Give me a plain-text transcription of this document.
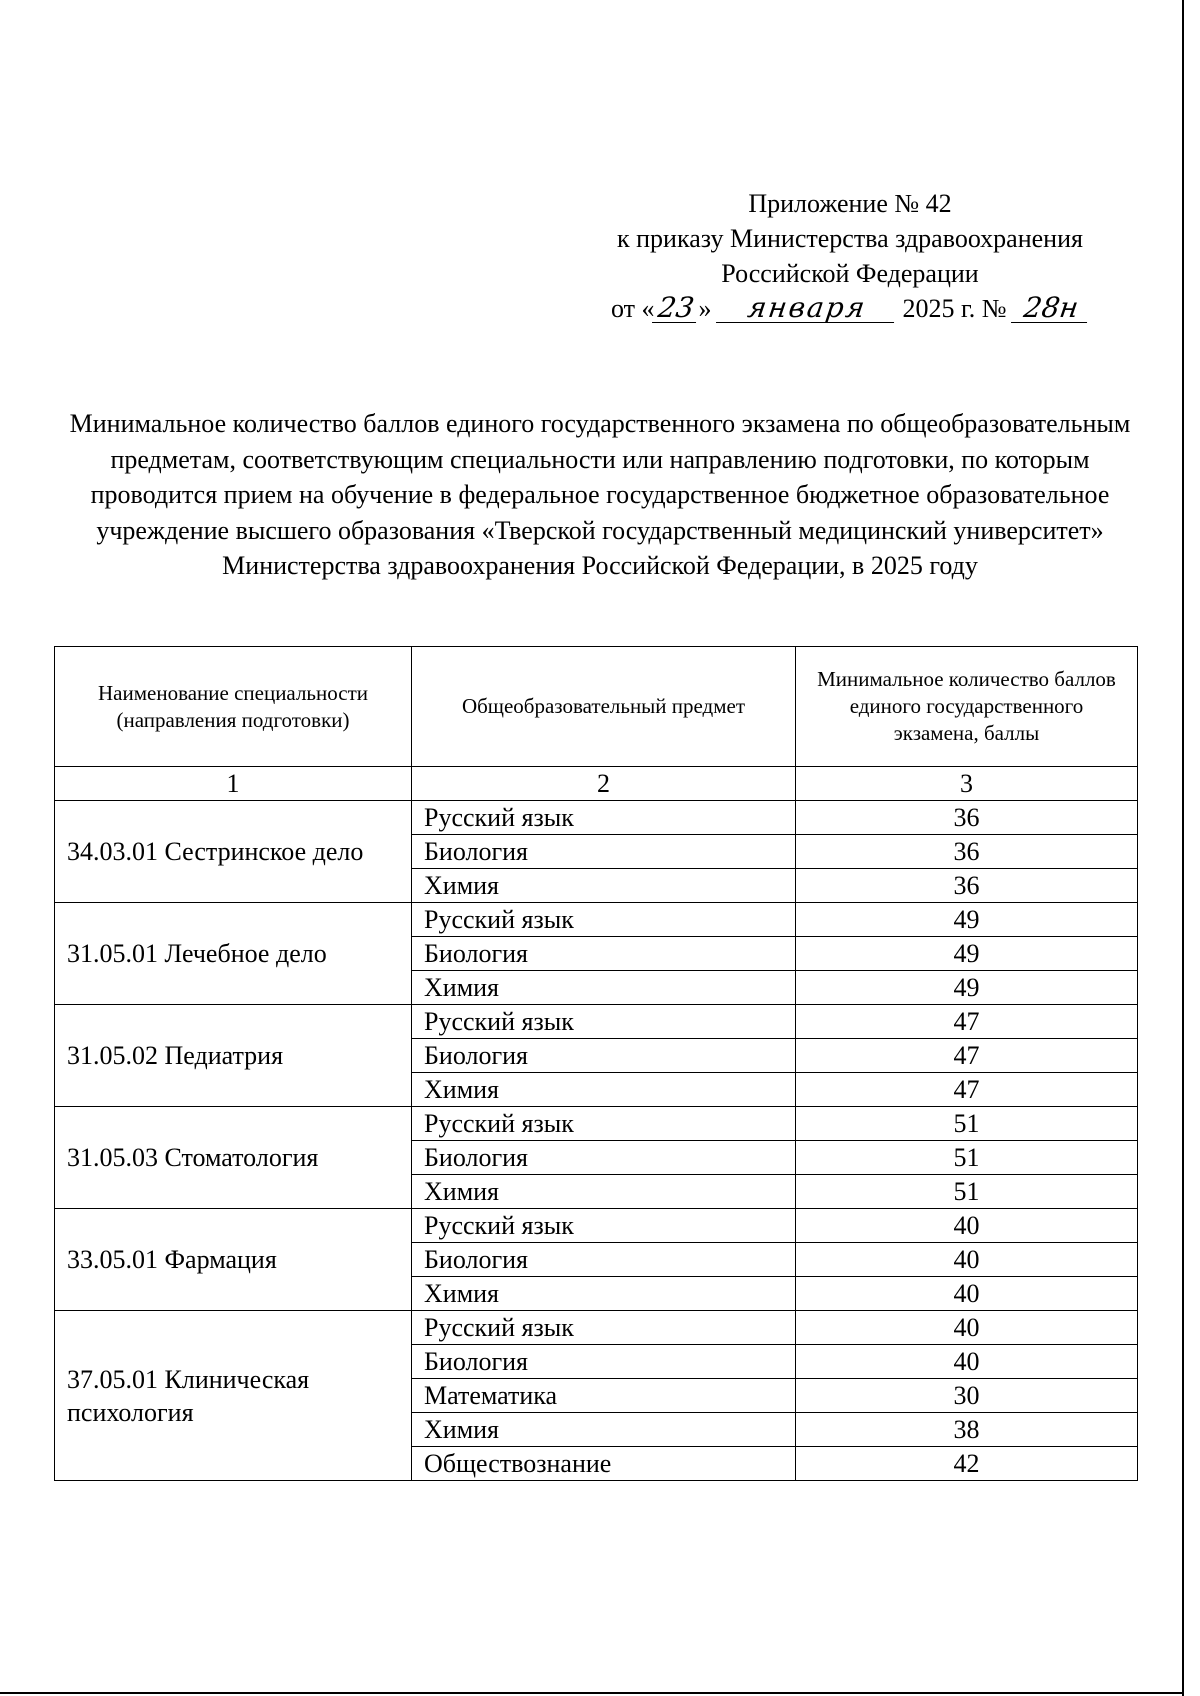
Приложение № 42
к приказу Министерства здравоохранения
Российской Федерации
от «23» января 2025 г. № 28н
Минимальное количество баллов единого государственного экзамена по общеобразовательным предметам, соответствующим специальности или направлению подготовки, по которым проводится прием на обучение в федеральное государственное бюджетное образовательное учреждение высшего образования «Тверской государственный медицинский университет» Министерства здравоохранения Российской Федерации, в 2025 году
Наименование специальности (направления подготовки)	Общеобразовательный предмет	Минимальное количество баллов единого государственного экзамена, баллы
1	2	3
34.03.01 Сестринское дело	Русский язык	36
	Биология	36
	Химия	36
31.05.01 Лечебное дело	Русский язык	49
	Биология	49
	Химия	49
31.05.02 Педиатрия	Русский язык	47
	Биология	47
	Химия	47
31.05.03 Стоматология	Русский язык	51
	Биология	51
	Химия	51
33.05.01 Фармация	Русский язык	40
	Биология	40
	Химия	40
37.05.01 Клиническая психология	Русский язык	40
	Биология	40
	Математика	30
	Химия	38
	Обществознание	42
